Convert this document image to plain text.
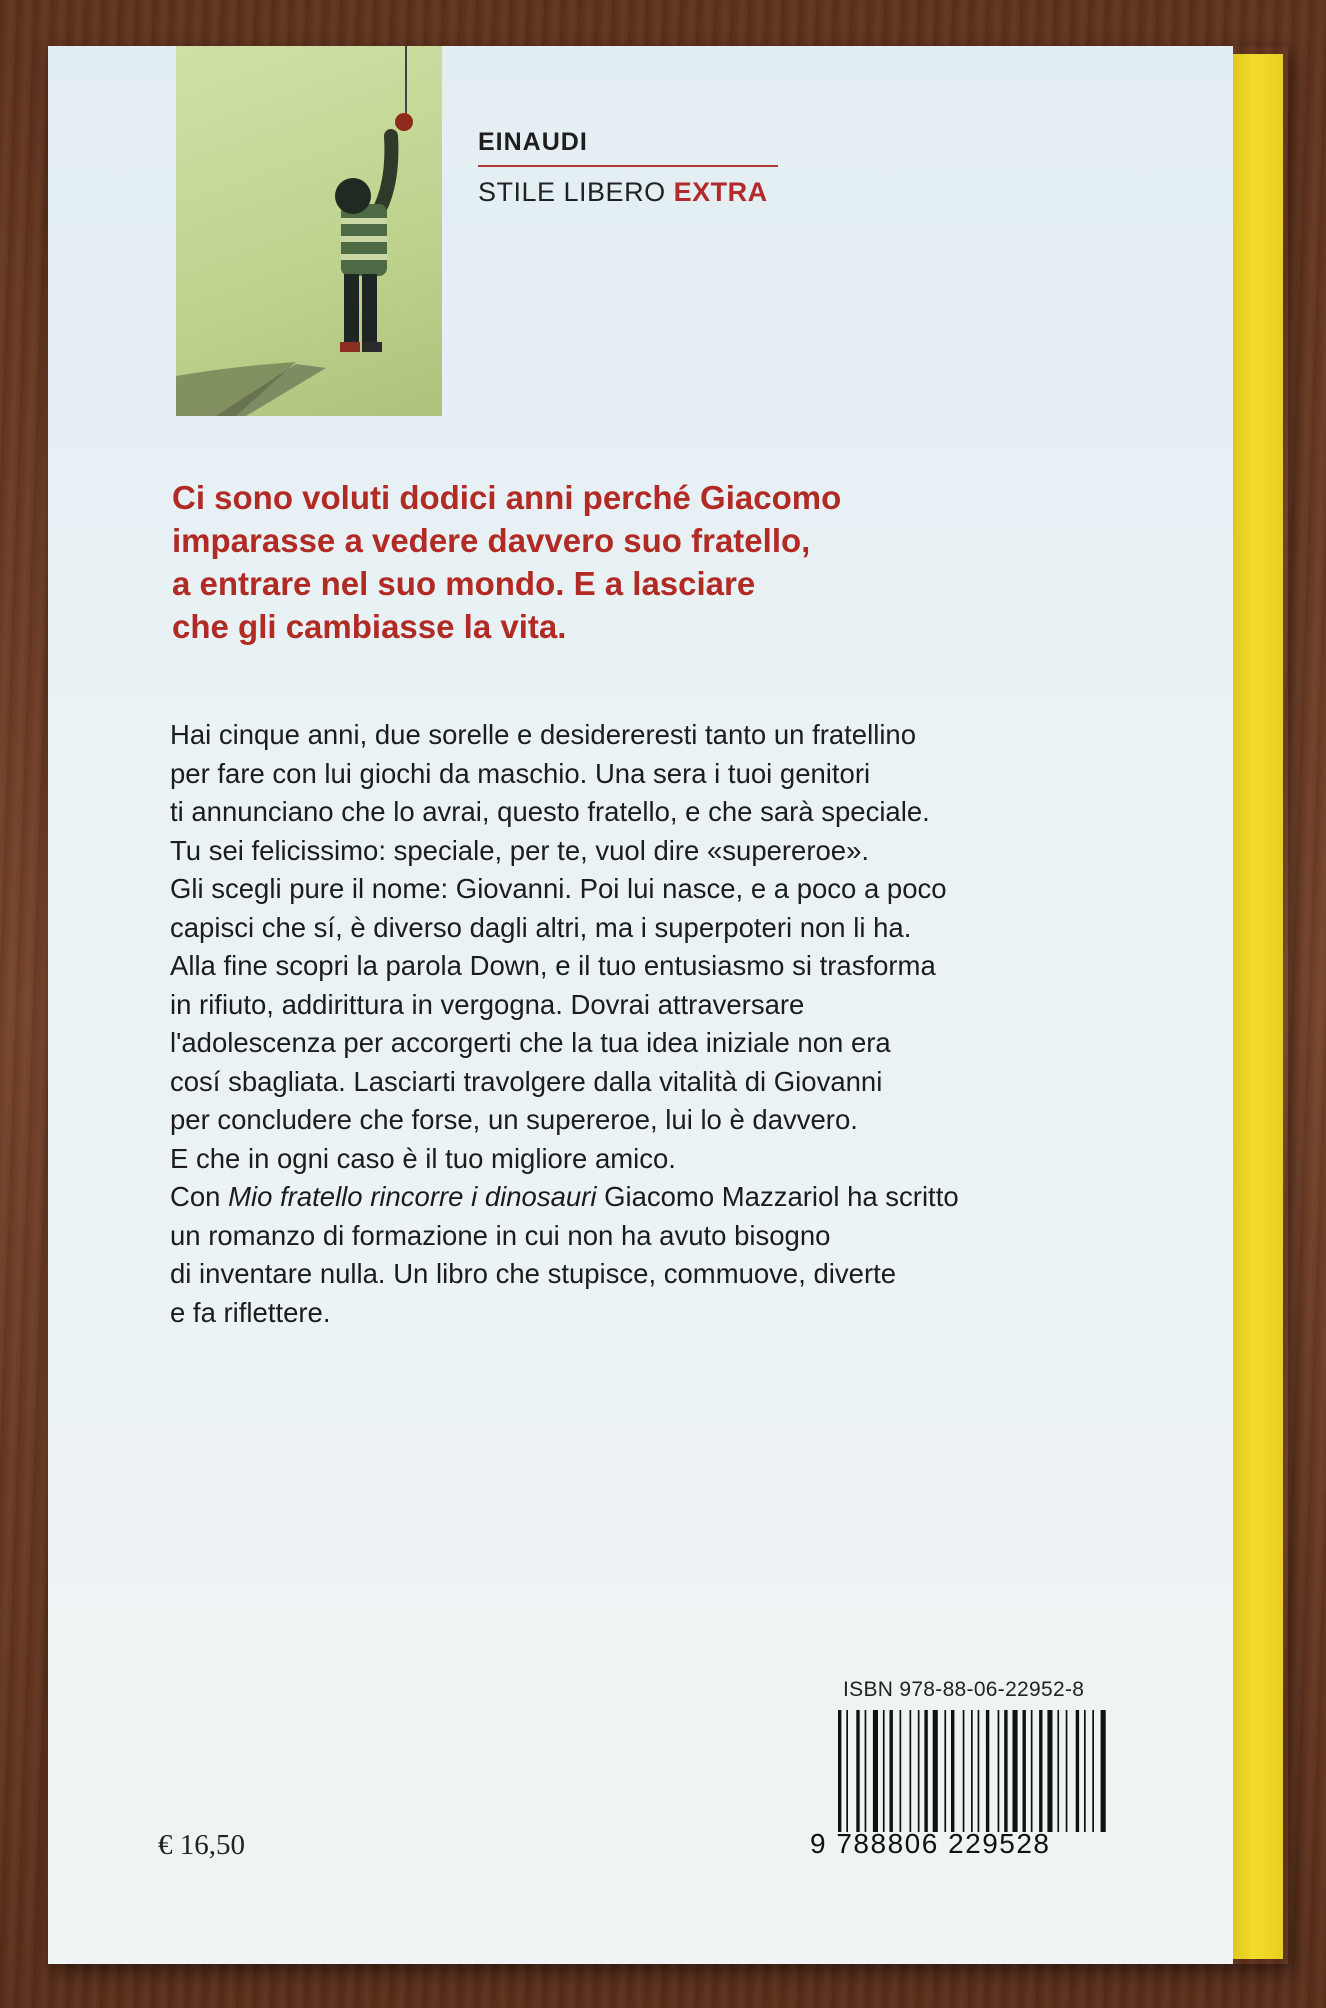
EINAUDI
STILE LIBERO EXTRA
Ci sono voluti dodici anni perché Giacomo
imparasse a vedere davvero suo fratello,
a entrare nel suo mondo. E a lasciare
che gli cambiasse la vita.
Hai cinque anni, due sorelle e desidereresti tanto un fratellino
per fare con lui giochi da maschio. Una sera i tuoi genitori
ti annunciano che lo avrai, questo fratello, e che sarà speciale.
Tu sei felicissimo: speciale, per te, vuol dire «supereroe».
Gli scegli pure il nome: Giovanni. Poi lui nasce, e a poco a poco
capisci che sí, è diverso dagli altri, ma i superpoteri non li ha.
Alla fine scopri la parola Down, e il tuo entusiasmo si trasforma
in rifiuto, addirittura in vergogna. Dovrai attraversare
l'adolescenza per accorgerti che la tua idea iniziale non era
cosí sbagliata. Lasciarti travolgere dalla vitalità di Giovanni
per concludere che forse, un supereroe, lui lo è davvero.
E che in ogni caso è il tuo migliore amico.
Con Mio fratello rincorre i dinosauri Giacomo Mazzariol ha scritto
un romanzo di formazione in cui non ha avuto bisogno
di inventare nulla. Un libro che stupisce, commuove, diverte
e fa riflettere.
€ 16,50
ISBN 978-88-06-22952-8
9 788806 229528
